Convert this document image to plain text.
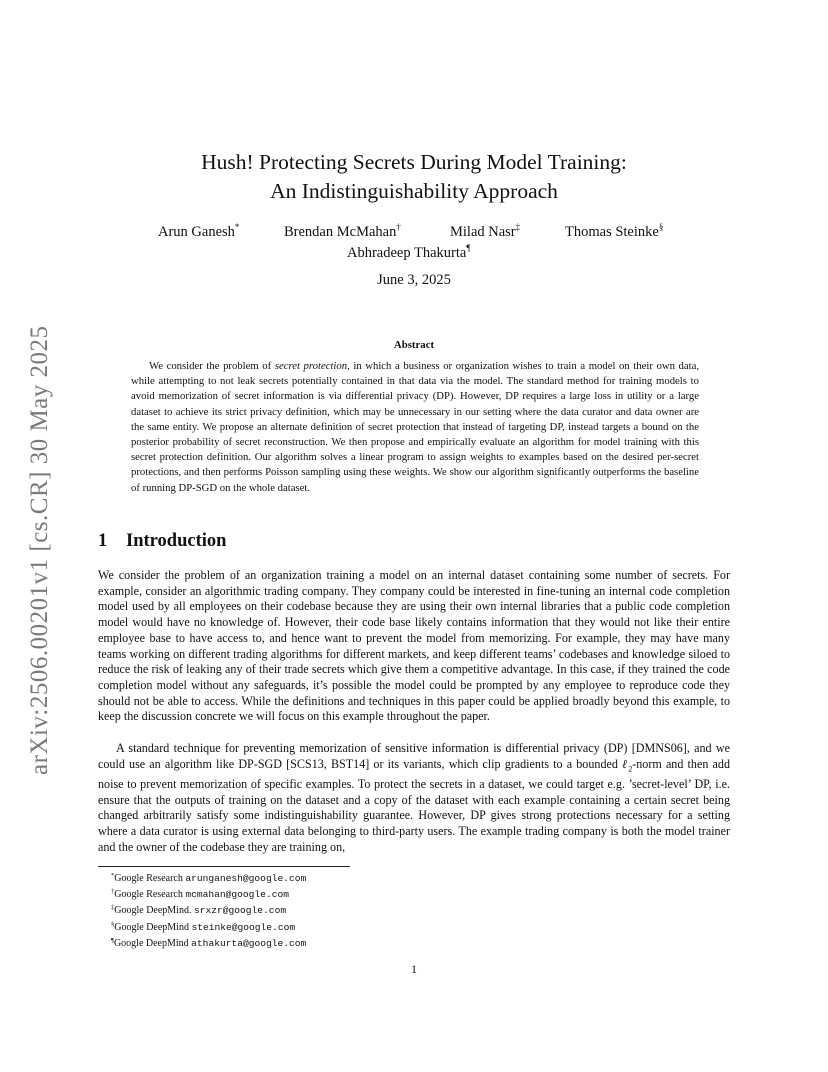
arXiv:2506.00201v1 [cs.CR] 30 May 2025
Hush! Protecting Secrets During Model Training:
An Indistinguishability Approach
Arun Ganesh*	Brendan McMahan†	Milad Nasr‡	Thomas Steinke§
Abhradeep Thakurta¶
June 3, 2025
Abstract

We consider the problem of secret protection, in which a business or organization wishes to train a model on their own data, while attempting to not leak secrets potentially contained in that data via the model. The standard method for training models to avoid memorization of secret information is via differential privacy (DP). However, DP requires a large loss in utility or a large dataset to achieve its strict privacy definition, which may be unnecessary in our setting where the data curator and data owner are the same entity. We propose an alternate definition of secret protection that instead of targeting DP, instead targets a bound on the posterior probability of secret reconstruction. We then propose and empirically evaluate an algorithm for model training with this secret protection definition. Our algorithm solves a linear program to assign weights to examples based on the desired per-secret protections, and then performs Poisson sampling using these weights. We show our algorithm significantly outperforms the baseline of running DP-SGD on the whole dataset.

1 Introduction

We consider the problem of an organization training a model on an internal dataset containing some number of secrets. For example, consider an algorithmic trading company. They company could be interested in fine-tuning an internal code completion model used by all employees on their codebase because they are using their own internal libraries that a public code completion model would have no knowledge of. However, their code base likely contains information that they would not like their entire employee base to have access to, and hence want to prevent the model from memorizing. For example, they may have many teams working on different trading algorithms for different markets, and keep different teams’ codebases and knowledge siloed to reduce the risk of leaking any of their trade secrets which give them a competitive advantage. In this case, if they trained the code completion model without any safeguards, it’s possible the model could be prompted by any employee to reproduce code they should not be able to access. While the definitions and techniques in this paper could be applied broadly beyond this example, to keep the discussion concrete we will focus on this example throughout the paper.

A standard technique for preventing memorization of sensitive information is differential privacy (DP) [DMNS06], and we could use an algorithm like DP-SGD [SCS13, BST14] or its variants, which clip gradients to a bounded ℓ$_2$-norm and then add noise to prevent memorization of specific examples. To protect the secrets in a dataset, we could target e.g. ’secret-level’ DP, i.e. ensure that the outputs of training on the dataset and a copy of the dataset with each example containing a certain secret being changed arbitrarily satisfy some indistinguishability guarantee. However, DP gives strong protections necessary for a setting where a data curator is using external data belonging to third-party users. The example trading company is both the model trainer and the owner of the codebase they are training on,

*Google Research arunganesh@google.com
†Google Research mcmahan@google.com
‡Google DeepMind. srxzr@google.com
§Google DeepMind steinke@google.com
¶Google DeepMind athakurta@google.com
1
